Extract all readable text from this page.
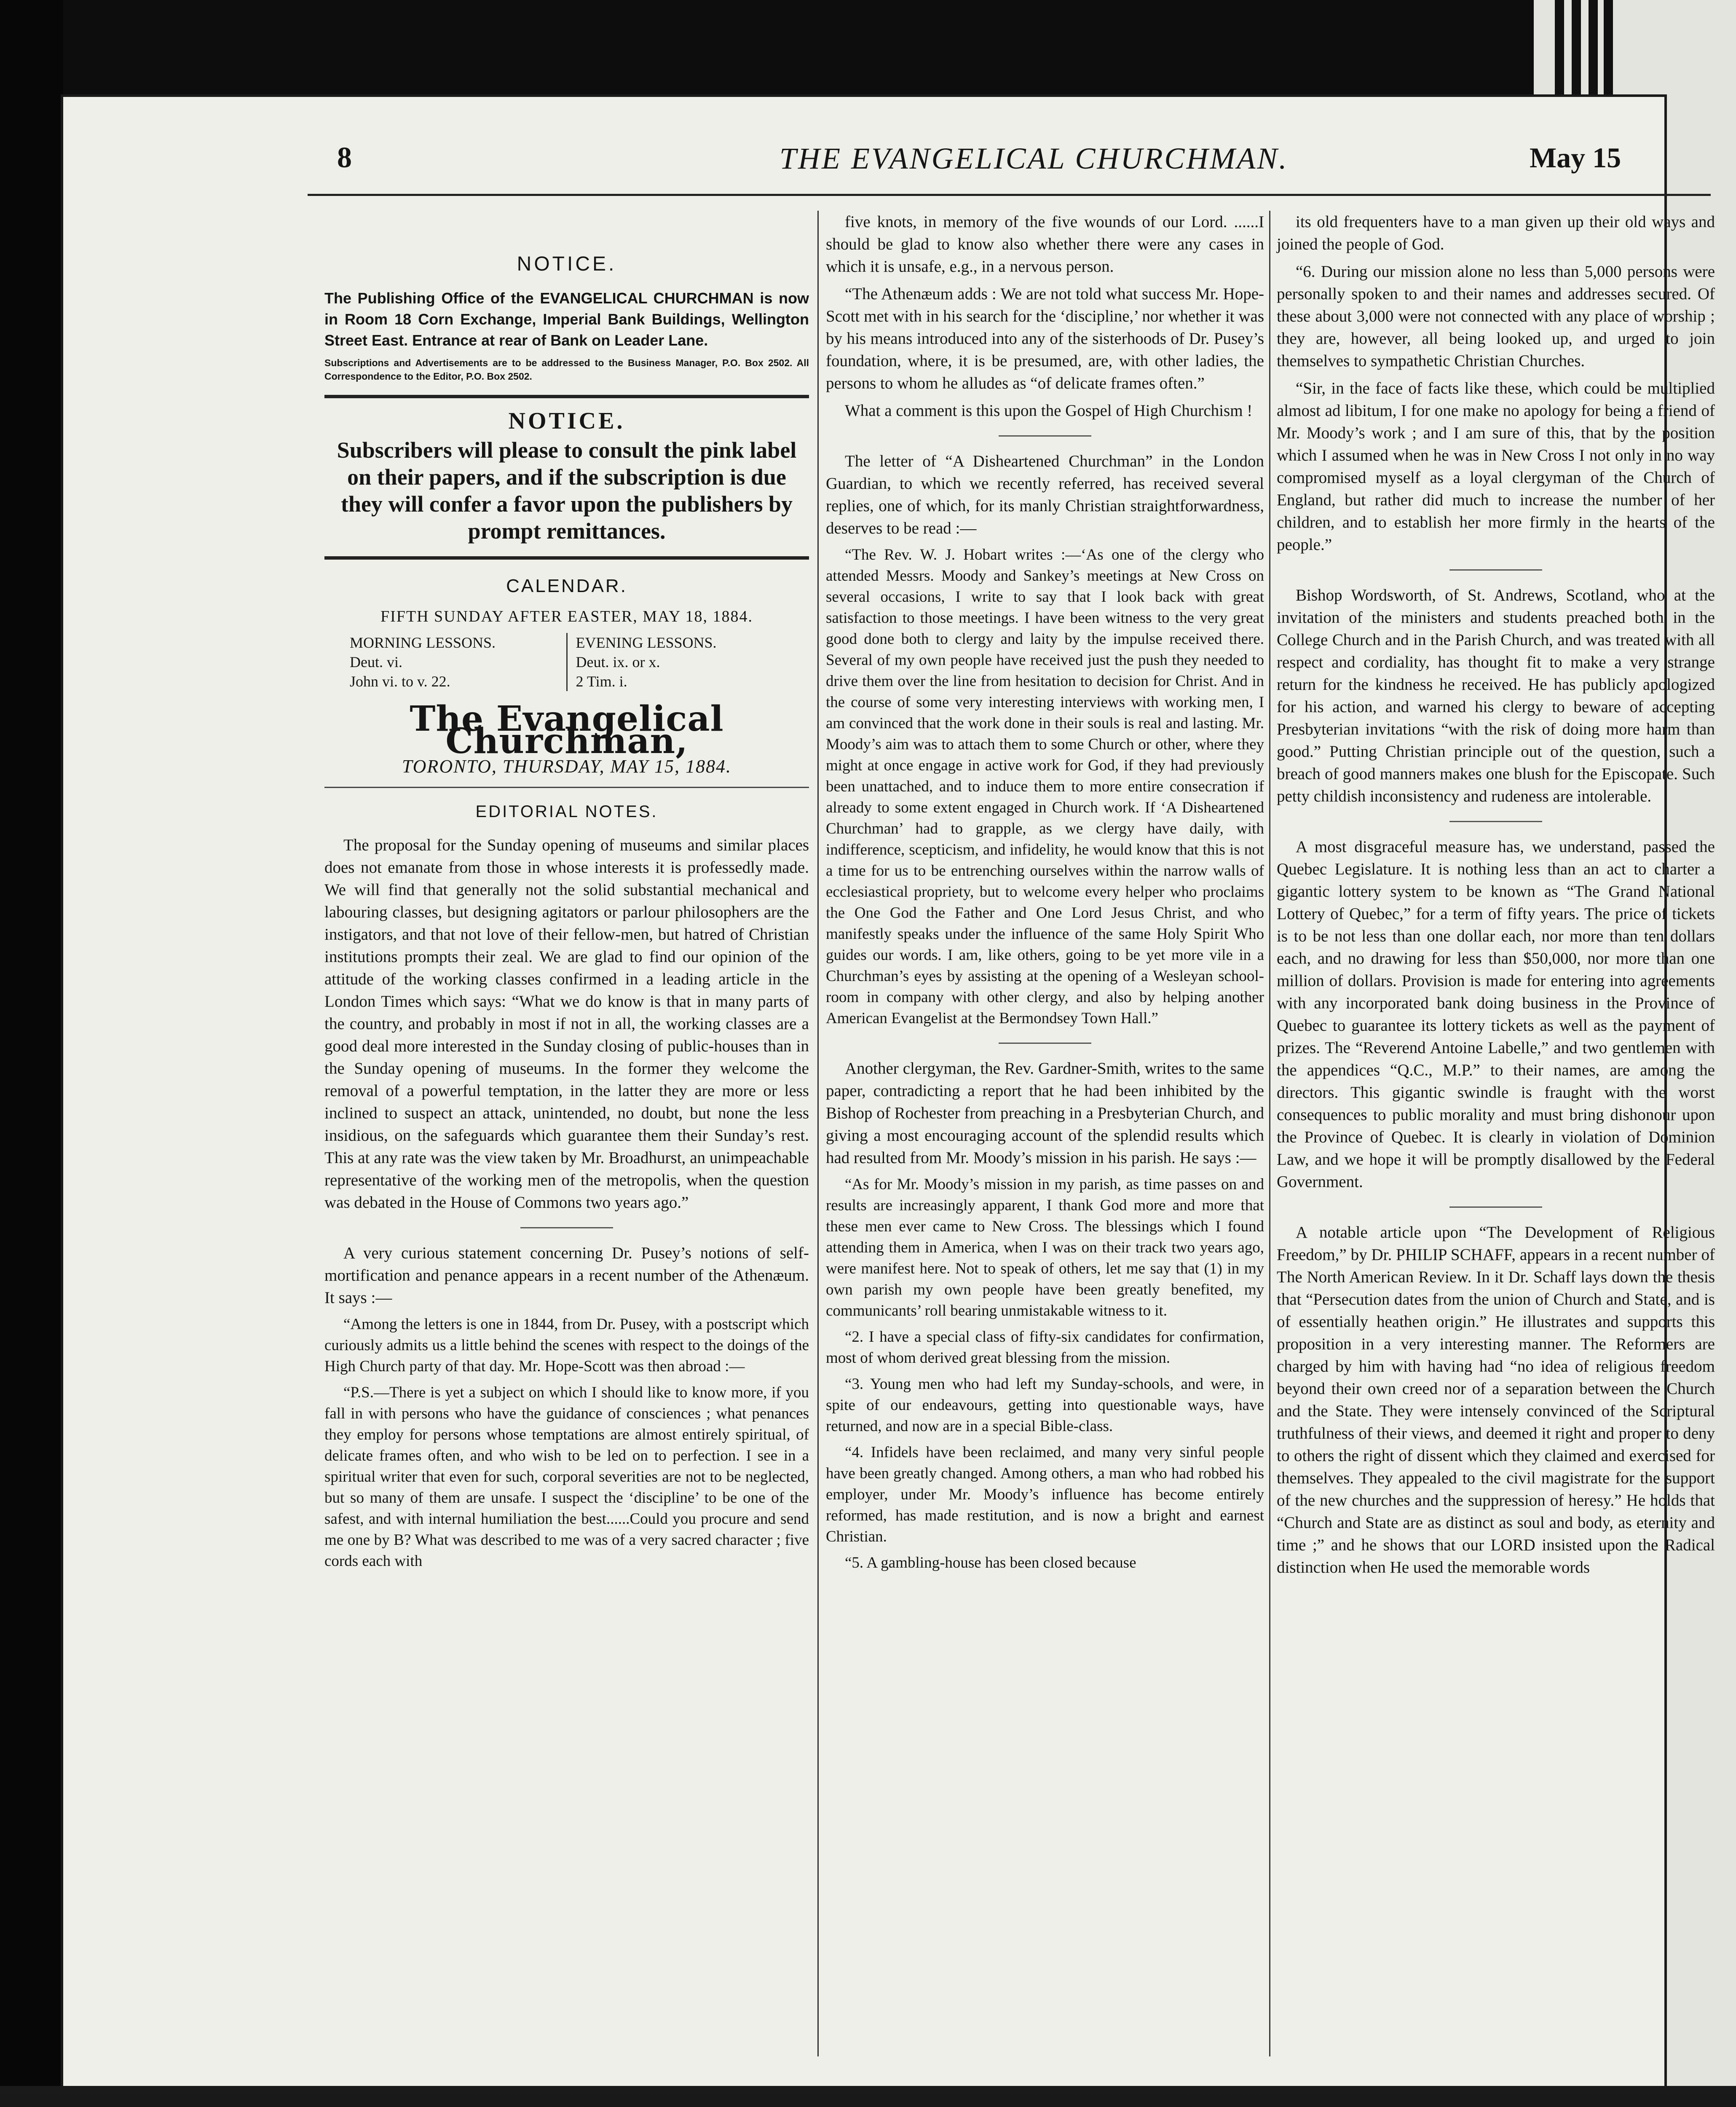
8	THE EVANGELICAL CHURCHMAN.	May 15
NOTICE.

The Publishing Office of the EVANGELICAL CHURCHMAN is now in Room 18 Corn Exchange, Imperial Bank Buildings, Wellington Street East. Entrance at rear of Bank on Leader Lane.

Subscriptions and Advertisements are to be addressed to the Business Manager, P.O. Box 2502. All Correspondence to the Editor, P.O. Box 2502.

NOTICE.

Subscribers will please to consult the pink label on their papers, and if the subscription is due they will confer a favor upon the publishers by prompt remittances.

CALENDAR.

FIFTH SUNDAY AFTER EASTER, MAY 18, 1884.

MORNING LESSONS.
Deut. vi.
John vi. to v. 22.
EVENING LESSONS.
Deut. ix. or x.
2 Tim. i.
The Evangelical Churchman,
TORONTO, THURSDAY, MAY 15, 1884.
EDITORIAL NOTES.

The proposal for the Sunday opening of museums and similar places does not emanate from those in whose interests it is professedly made. We will find that generally not the solid substantial mechanical and labouring classes, but designing agitators or parlour philosophers are the instigators, and that not love of their fellow-men, but hatred of Christian institutions prompts their zeal. We are glad to find our opinion of the attitude of the working classes confirmed in a leading article in the London Times which says: “What we do know is that in many parts of the country, and probably in most if not in all, the working classes are a good deal more interested in the Sunday closing of public-houses than in the Sunday opening of museums. In the former they welcome the removal of a powerful temptation, in the latter they are more or less inclined to suspect an attack, unintended, no doubt, but none the less insidious, on the safeguards which guarantee them their Sunday’s rest. This at any rate was the view taken by Mr. Broadhurst, an unimpeachable representative of the working men of the metropolis, when the question was debated in the House of Commons two years ago.”

A very curious statement concerning Dr. Pusey’s notions of self-mortification and penance appears in a recent number of the Athenæum. It says :—

“Among the letters is one in 1844, from Dr. Pusey, with a postscript which curiously admits us a little behind the scenes with respect to the doings of the High Church party of that day. Mr. Hope-Scott was then abroad :—

“P.S.—There is yet a subject on which I should like to know more, if you fall in with persons who have the guidance of consciences ; what penances they employ for persons whose temptations are almost entirely spiritual, of delicate frames often, and who wish to be led on to perfection. I see in a spiritual writer that even for such, corporal severities are not to be neglected, but so many of them are unsafe. I suspect the ‘discipline’ to be one of the safest, and with internal humiliation the best......Could you procure and send me one by B? What was described to me was of a very sacred character ; five cords each with

five knots, in memory of the five wounds of our Lord. ......I should be glad to know also whether there were any cases in which it is unsafe, e.g., in a nervous person.

“The Athenæum adds : We are not told what success Mr. Hope-Scott met with in his search for the ‘discipline,’ nor whether it was by his means introduced into any of the sisterhoods of Dr. Pusey’s foundation, where, it is be presumed, are, with other ladies, the persons to whom he alludes as “of delicate frames often.”

What a comment is this upon the Gospel of High Churchism !

The letter of “A Disheartened Churchman” in the London Guardian, to which we recently referred, has received several replies, one of which, for its manly Christian straightforwardness, deserves to be read :—

“The Rev. W. J. Hobart writes :—‘As one of the clergy who attended Messrs. Moody and Sankey’s meetings at New Cross on several occasions, I write to say that I look back with great satisfaction to those meetings. I have been witness to the very great good done both to clergy and laity by the impulse received there. Several of my own people have received just the push they needed to drive them over the line from hesitation to decision for Christ. And in the course of some very interesting interviews with working men, I am convinced that the work done in their souls is real and lasting. Mr. Moody’s aim was to attach them to some Church or other, where they might at once engage in active work for God, if they had previously been unattached, and to induce them to more entire consecration if already to some extent engaged in Church work. If ‘A Disheartened Churchman’ had to grapple, as we clergy have daily, with indifference, scepticism, and infidelity, he would know that this is not a time for us to be entrenching ourselves within the narrow walls of ecclesiastical propriety, but to welcome every helper who proclaims the One God the Father and One Lord Jesus Christ, and who manifestly speaks under the influence of the same Holy Spirit Who guides our words. I am, like others, going to be yet more vile in a Churchman’s eyes by assisting at the opening of a Wesleyan school-room in company with other clergy, and also by helping another American Evangelist at the Bermondsey Town Hall.”

Another clergyman, the Rev. Gardner-Smith, writes to the same paper, contradicting a report that he had been inhibited by the Bishop of Rochester from preaching in a Presbyterian Church, and giving a most encouraging account of the splendid results which had resulted from Mr. Moody’s mission in his parish. He says :—

“As for Mr. Moody’s mission in my parish, as time passes on and results are increasingly apparent, I thank God more and more that these men ever came to New Cross. The blessings which I found attending them in America, when I was on their track two years ago, were manifest here. Not to speak of others, let me say that (1) in my own parish my own people have been greatly benefited, my communicants’ roll bearing unmistakable witness to it.

“2. I have a special class of fifty-six candidates for confirmation, most of whom derived great blessing from the mission.

“3. Young men who had left my Sunday-schools, and were, in spite of our endeavours, getting into questionable ways, have returned, and now are in a special Bible-class.

“4. Infidels have been reclaimed, and many very sinful people have been greatly changed. Among others, a man who had robbed his employer, under Mr. Moody’s influence has become entirely reformed, has made restitution, and is now a bright and earnest Christian.

“5. A gambling-house has been closed because

its old frequenters have to a man given up their old ways and joined the people of God.

“6. During our mission alone no less than 5,000 persons were personally spoken to and their names and addresses secured. Of these about 3,000 were not connected with any place of worship ; they are, however, all being looked up, and urged to join themselves to sympathetic Christian Churches.

“Sir, in the face of facts like these, which could be multiplied almost ad libitum, I for one make no apology for being a friend of Mr. Moody’s work ; and I am sure of this, that by the position which I assumed when he was in New Cross I not only in no way compromised myself as a loyal clergyman of the Church of England, but rather did much to increase the number of her children, and to establish her more firmly in the hearts of the people.”

Bishop Wordsworth, of St. Andrews, Scotland, who at the invitation of the ministers and students preached both in the College Church and in the Parish Church, and was treated with all respect and cordiality, has thought fit to make a very strange return for the kindness he received. He has publicly apologized for his action, and warned his clergy to beware of accepting Presbyterian invitations “with the risk of doing more harm than good.” Putting Christian principle out of the question, such a breach of good manners makes one blush for the Episcopate. Such petty childish inconsistency and rudeness are intolerable.

A most disgraceful measure has, we understand, passed the Quebec Legislature. It is nothing less than an act to charter a gigantic lottery system to be known as “The Grand National Lottery of Quebec,” for a term of fifty years. The price of tickets is to be not less than one dollar each, nor more than ten dollars each, and no drawing for less than $50,000, nor more than one million of dollars. Provision is made for entering into agreements with any incorporated bank doing business in the Province of Quebec to guarantee its lottery tickets as well as the payment of prizes. The “Reverend Antoine Labelle,” and two gentlemen with the appendices “Q.C., M.P.” to their names, are among the directors. This gigantic swindle is fraught with the worst consequences to public morality and must bring dishonour upon the Province of Quebec. It is clearly in violation of Dominion Law, and we hope it will be promptly disallowed by the Federal Government.

A notable article upon “The Development of Religious Freedom,” by Dr. PHILIP SCHAFF, appears in a recent number of The North American Review. In it Dr. Schaff lays down the thesis that “Persecution dates from the union of Church and State, and is of essentially heathen origin.” He illustrates and supports this proposition in a very interesting manner. The Reformers are charged by him with having had “no idea of religious freedom beyond their own creed nor of a separation between the Church and the State. They were intensely convinced of the Scriptural truthfulness of their views, and deemed it right and proper to deny to others the right of dissent which they claimed and exercised for themselves. They appealed to the civil magistrate for the support of the new churches and the suppression of heresy.” He holds that “Church and State are as distinct as soul and body, as eternity and time ;” and he shows that our LORD insisted upon the Radical distinction when He used the memorable words
